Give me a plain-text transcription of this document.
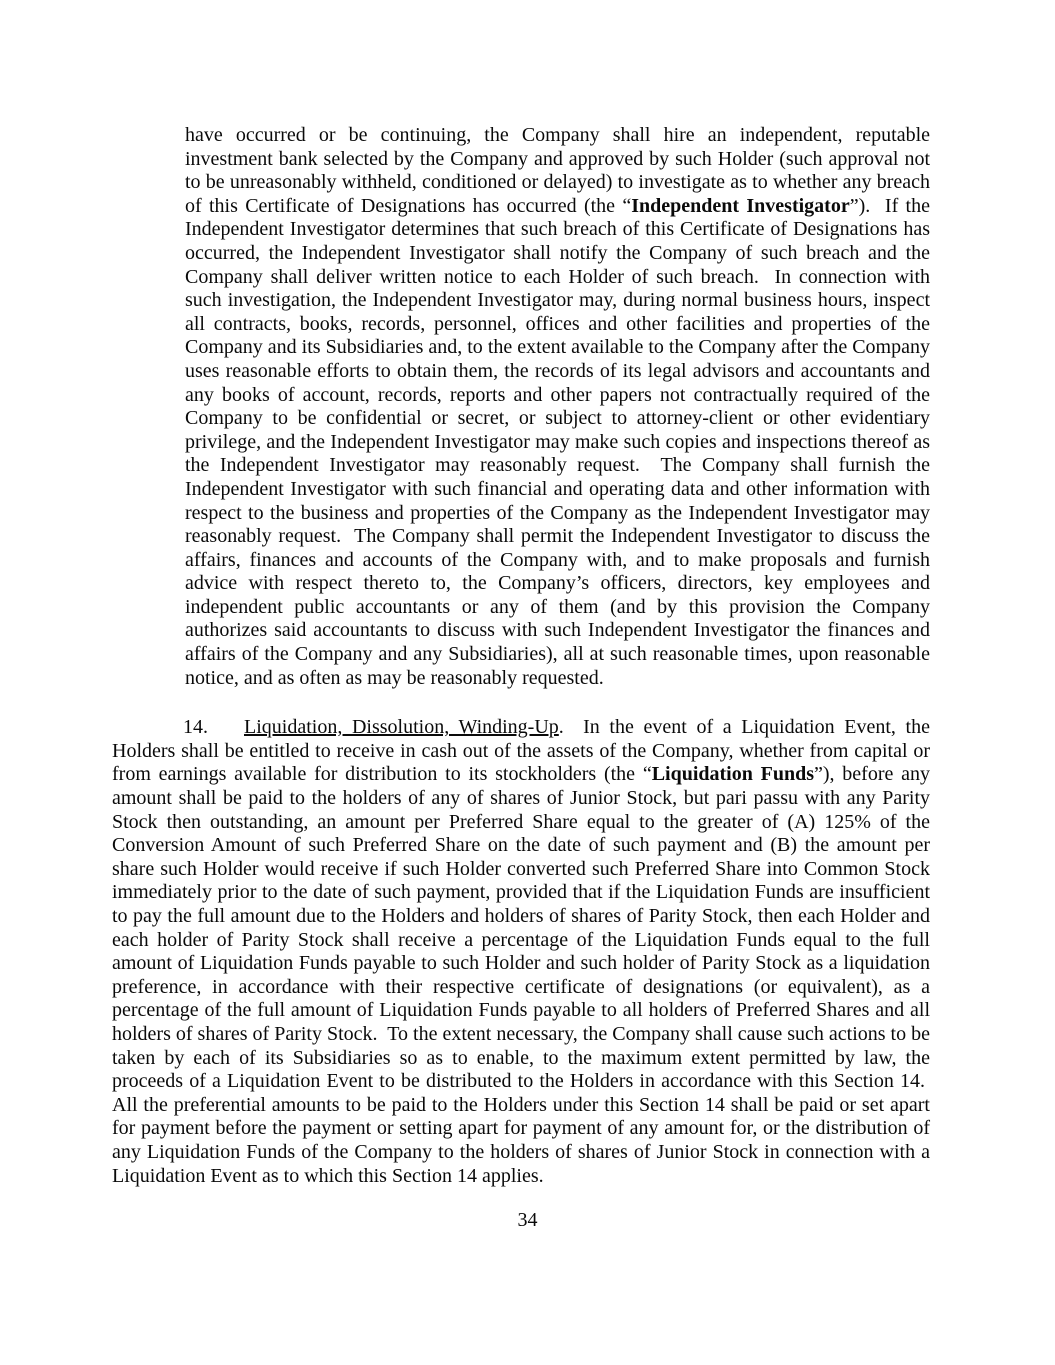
have occurred or be continuing, the Company shall hire an independent, reputable investment bank selected by the Company and approved by such Holder (such approval not to be unreasonably withheld, conditioned or delayed) to investigate as to whether any breach of this Certificate of Designations has occurred (the “Independent Investigator”).  If the Independent Investigator determines that such breach of this Certificate of Designations has occurred, the Independent Investigator shall notify the Company of such breach and the Company shall deliver written notice to each Holder of such breach.  In connection with such investigation, the Independent Investigator may, during normal business hours, inspect all contracts, books, records, personnel, offices and other facilities and properties of the Company and its Subsidiaries and, to the extent available to the Company after the Company uses reasonable efforts to obtain them, the records of its legal advisors and accountants and any books of account, records, reports and other papers not contractually required of the Company to be confidential or secret, or subject to attorney-client or other evidentiary privilege, and the Independent Investigator may make such copies and inspections thereof as the Independent Investigator may reasonably request.  The Company shall furnish the Independent Investigator with such financial and operating data and other information with respect to the business and properties of the Company as the Independent Investigator may reasonably request.  The Company shall permit the Independent Investigator to discuss the affairs, finances and accounts of the Company with, and to make proposals and furnish advice with respect thereto to, the Company’s officers, directors, key employees and independent public accountants or any of them (and by this provision the Company authorizes said accountants to discuss with such Independent Investigator the finances and affairs of the Company and any Subsidiaries), all at such reasonable times, upon reasonable notice, and as often as may be reasonably requested.

14. Liquidation, Dissolution, Winding-Up.  In the event of a Liquidation Event, the Holders shall be entitled to receive in cash out of the assets of the Company, whether from capital or from earnings available for distribution to its stockholders (the “Liquidation Funds”), before any amount shall be paid to the holders of any of shares of Junior Stock, but pari passu with any Parity Stock then outstanding, an amount per Preferred Share equal to the greater of (A) 125% of the Conversion Amount of such Preferred Share on the date of such payment and (B) the amount per share such Holder would receive if such Holder converted such Preferred Share into Common Stock immediately prior to the date of such payment, provided that if the Liquidation Funds are insufficient to pay the full amount due to the Holders and holders of shares of Parity Stock, then each Holder and each holder of Parity Stock shall receive a percentage of the Liquidation Funds equal to the full amount of Liquidation Funds payable to such Holder and such holder of Parity Stock as a liquidation preference, in accordance with their respective certificate of designations (or equivalent), as a percentage of the full amount of Liquidation Funds payable to all holders of Preferred Shares and all holders of shares of Parity Stock.  To the extent necessary, the Company shall cause such actions to be taken by each of its Subsidiaries so as to enable, to the maximum extent permitted by law, the proceeds of a Liquidation Event to be distributed to the Holders in accordance with this Section 14.  All the preferential amounts to be paid to the Holders under this Section 14 shall be paid or set apart for payment before the payment or setting apart for payment of any amount for, or the distribution of any Liquidation Funds of the Company to the holders of shares of Junior Stock in connection with a Liquidation Event as to which this Section 14 applies.

34
